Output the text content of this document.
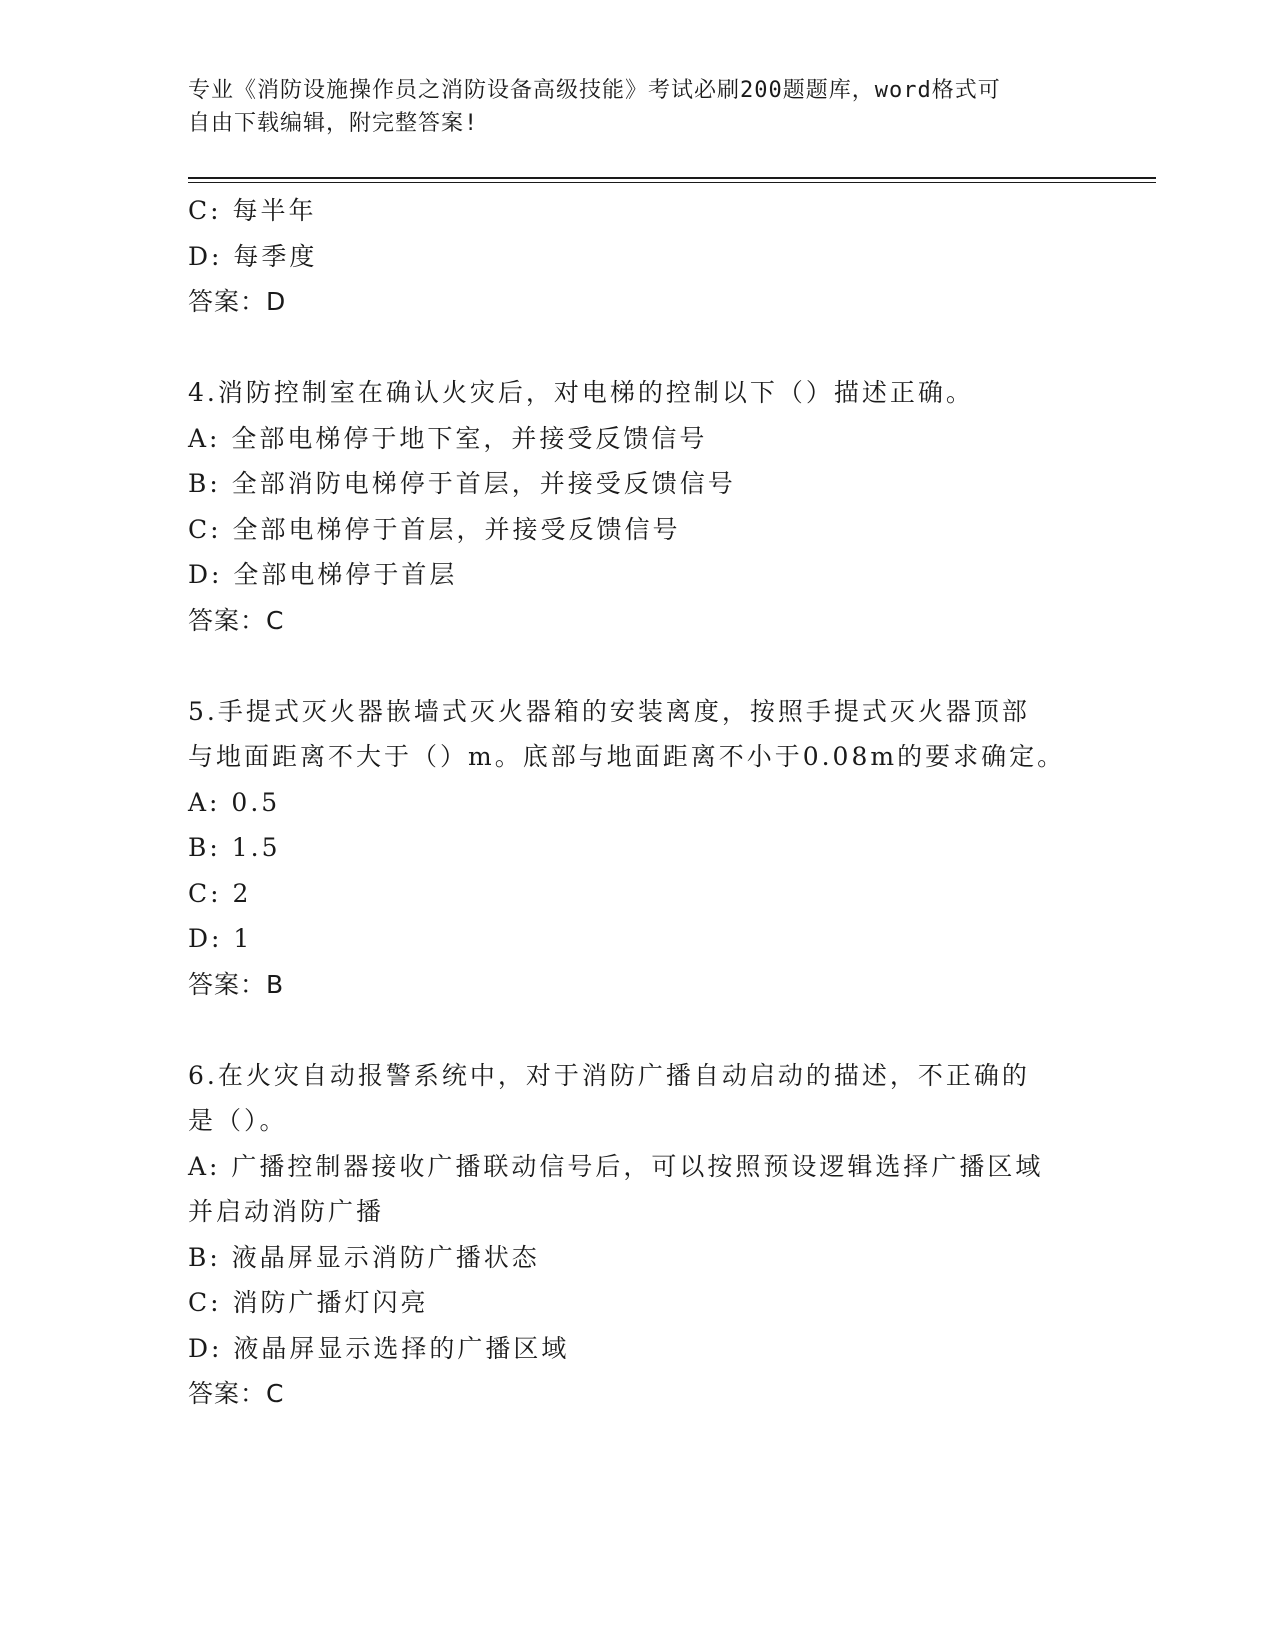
专业《消防设施操作员之消防设备高级技能》考试必刷200题题库，word格式可
自由下载编辑，附完整答案!
C: 每半年
D: 每季度
答案：D
4.消防控制室在确认火灾后，对电梯的控制以下（）描述正确。
A: 全部电梯停于地下室，并接受反馈信号
B: 全部消防电梯停于首层，并接受反馈信号
C: 全部电梯停于首层，并接受反馈信号
D: 全部电梯停于首层
答案：C
5.手提式灭火器嵌墙式灭火器箱的安装离度，按照手提式灭火器顶部
与地面距离不大于（）m。底部与地面距离不小于0.08m的要求确定。
A: 0.5
B: 1.5
C: 2
D: 1
答案：B
6.在火灾自动报警系统中，对于消防广播自动启动的描述，不正确的
是（）。
A: 广播控制器接收广播联动信号后，可以按照预设逻辑选择广播区域
并启动消防广播
B: 液晶屏显示消防广播状态
C: 消防广播灯闪亮
D: 液晶屏显示选择的广播区域
答案：C
